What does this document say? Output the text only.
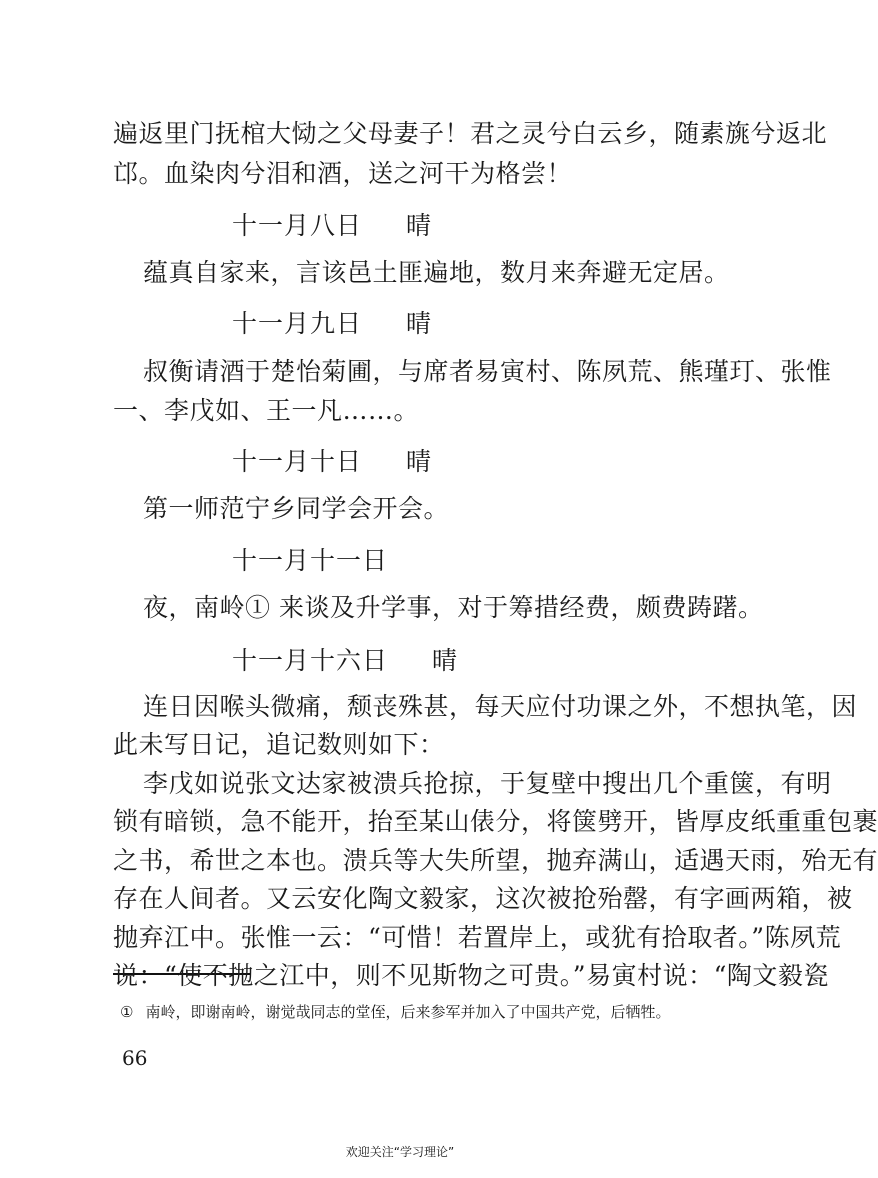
遍返里门抚棺大恸之父母妻子！君之灵兮白云乡，随素旐兮返北
邙。血染肉兮泪和酒，送之河干为格尝！
十一月八日 晴
蕴真自家来，言该邑土匪遍地，数月来奔避无定居。
十一月九日 晴
叔衡请酒于楚怡菊圃，与席者易寅村、陈夙荒、熊瑾玎、张惟
一、李戊如、王一凡……。
十一月十日 晴
第一师范宁乡同学会开会。
十一月十一日
夜，南岭① 来谈及升学事，对于筹措经费，颇费踌躇。
十一月十六日 晴
连日因喉头微痛，颓丧殊甚，每天应付功课之外，不想执笔，因
此未写日记，追记数则如下：
李戊如说张文达家被溃兵抢掠，于复壁中搜出几个重箧，有明
锁有暗锁，急不能开，抬至某山俵分，将箧劈开，皆厚皮纸重重包裹
之书，希世之本也。溃兵等大失所望，抛弃满山，适遇天雨，殆无有
存在人间者。又云安化陶文毅家，这次被抢殆罄，有字画两箱，被
抛弃江中。张惟一云：“可惜！若置岸上，或犹有拾取者。”陈夙荒
① 南岭，即谢南岭，谢觉哉同志的堂侄，后来参军并加入了中国共产党，后牺牲。
66
欢迎关注“学习理论”
说：“使不抛之江中，则不见斯物之可贵。”易寅村说：“陶文毅瓷
